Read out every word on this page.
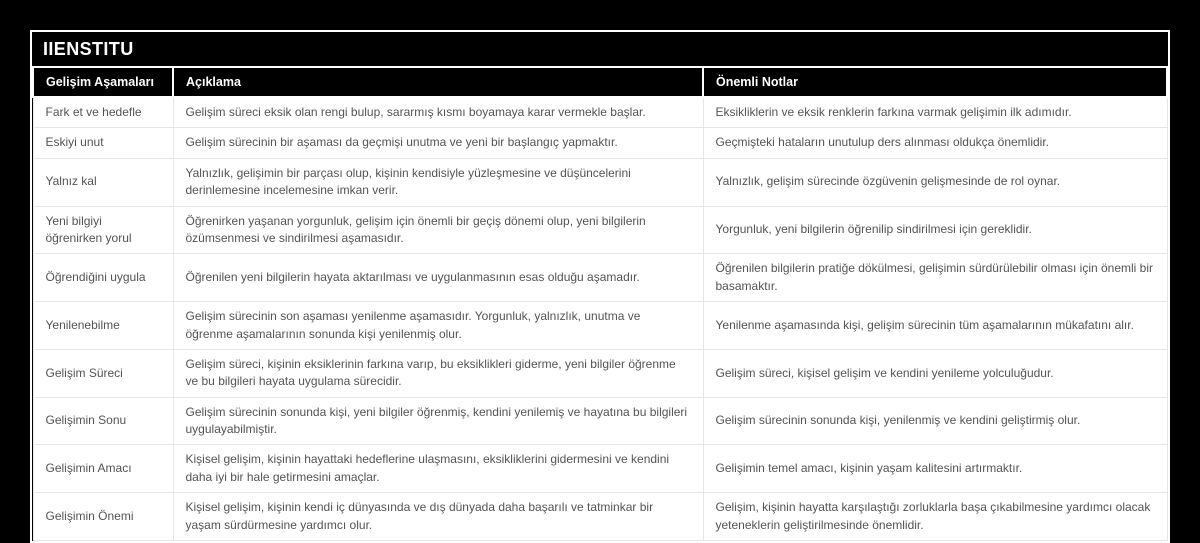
IIENSTITU
Gelişim Aşamaları	Açıklama	Önemli Notlar
Fark et ve hedefle	Gelişim süreci eksik olan rengi bulup, sararmış kısmı boyamaya karar vermekle başlar.	Eksikliklerin ve eksik renklerin farkına varmak gelişimin ilk adımıdır.
Eskiyi unut	Gelişim sürecinin bir aşaması da geçmişi unutma ve yeni bir başlangıç yapmaktır.	Geçmişteki hataların unutulup ders alınması oldukça önemlidir.
Yalnız kal	Yalnızlık, gelişimin bir parçası olup, kişinin kendisiyle yüzleşmesine ve düşüncelerini derinlemesine incelemesine imkan verir.	Yalnızlık, gelişim sürecinde özgüvenin gelişmesinde de rol oynar.
Yeni bilgiyi öğrenirken yorul	Öğrenirken yaşanan yorgunluk, gelişim için önemli bir geçiş dönemi olup, yeni bilgilerin özümsenmesi ve sindirilmesi aşamasıdır.	Yorgunluk, yeni bilgilerin öğrenilip sindirilmesi için gereklidir.
Öğrendiğini uygula	Öğrenilen yeni bilgilerin hayata aktarılması ve uygulanmasının esas olduğu aşamadır.	Öğrenilen bilgilerin pratiğe dökülmesi, gelişimin sürdürülebilir olması için önemli bir basamaktır.
Yenilenebilme	Gelişim sürecinin son aşaması yenilenme aşamasıdır. Yorgunluk, yalnızlık, unutma ve öğrenme aşamalarının sonunda kişi yenilenmiş olur.	Yenilenme aşamasında kişi, gelişim sürecinin tüm aşamalarının mükafatını alır.
Gelişim Süreci	Gelişim süreci, kişinin eksiklerinin farkına varıp, bu eksiklikleri giderme, yeni bilgiler öğrenme ve bu bilgileri hayata uygulama sürecidir.	Gelişim süreci, kişisel gelişim ve kendini yenileme yolculuğudur.
Gelişimin Sonu	Gelişim sürecinin sonunda kişi, yeni bilgiler öğrenmiş, kendini yenilemiş ve hayatına bu bilgileri uygulayabilmiştir.	Gelişim sürecinin sonunda kişi, yenilenmiş ve kendini geliştirmiş olur.
Gelişimin Amacı	Kişisel gelişim, kişinin hayattaki hedeflerine ulaşmasını, eksikliklerini gidermesini ve kendini daha iyi bir hale getirmesini amaçlar.	Gelişimin temel amacı, kişinin yaşam kalitesini artırmaktır.
Gelişimin Önemi	Kişisel gelişim, kişinin kendi iç dünyasında ve dış dünyada daha başarılı ve tatminkar bir yaşam sürdürmesine yardımcı olur.	Gelişim, kişinin hayatta karşılaştığı zorluklarla başa çıkabilmesine yardımcı olacak yeteneklerin geliştirilmesinde önemlidir.
